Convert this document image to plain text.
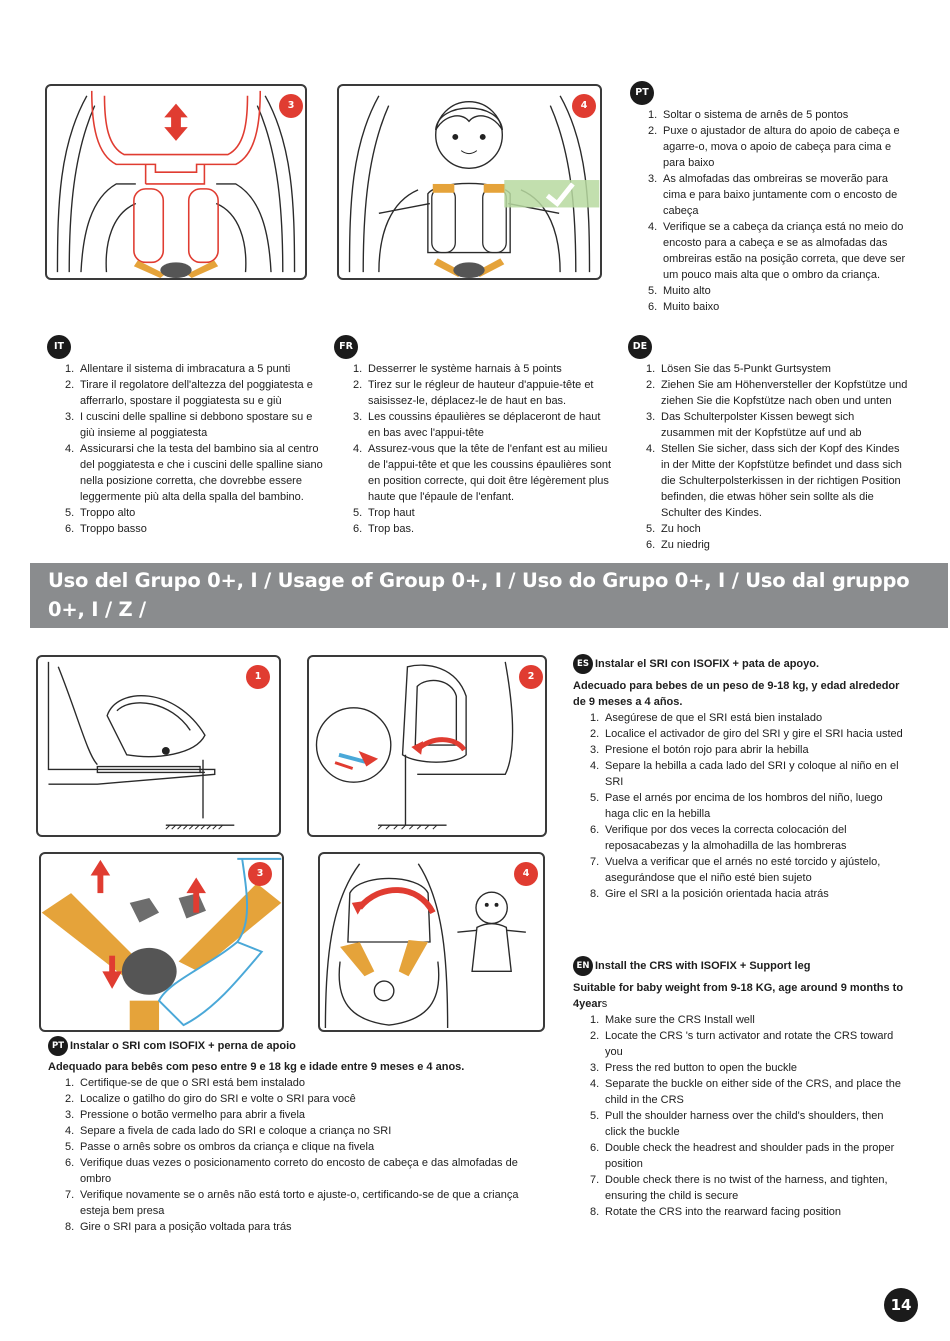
3	4
PT
1. Soltar o sistema de arnês de 5 pontos
2. Puxe o ajustador de altura do apoio de cabeça e agarre-o, mova o apoio de cabeça para cima e para baixo
3. As almofadas das ombreiras se moverão para cima e para baixo juntamente com o encosto de cabeça
4. Verifique se a cabeça da criança está no meio do encosto para a cabeça e se as almofadas das ombreiras estão na posição correta, que deve ser um pouco mais alta que o ombro da criança.
5. Muito alto
6. Muito baixo
IT
1. Allentare il sistema di imbracatura a 5 punti
2. Tirare il regolatore dell'altezza del poggiatesta e afferrarlo, spostare il poggiatesta su e giù
3. I cuscini delle spalline si debbono spostare su e giù insieme al poggiatesta
4. Assicurarsi che la testa del bambino sia al centro del poggiatesta e che i cuscini delle spalline siano nella posizione corretta, che dovrebbe essere leggermente più alta della spalla del bambino.
5. Troppo alto
6. Troppo basso
FR
1. Desserrer le système harnais à 5 points
2. Tirez sur le régleur de hauteur d'appuie-tête et saisissez-le, déplacez-le de haut en bas.
3. Les coussins épaulières se déplaceront de haut en bas avec l'appui-tête
4. Assurez-vous que la tête de l'enfant est au milieu de l'appui-tête et que les coussins épaulières sont en position correcte, qui doit être légèrement plus haute que l'épaule de l'enfant.
5. Trop haut
6. Trop bas.
DE
1. Lösen Sie das 5-Punkt Gurtsystem
2. Ziehen Sie am Höhenversteller der Kopfstütze und ziehen Sie die Kopfstütze nach oben und unten
3. Das Schulterpolster Kissen bewegt sich zusammen mit der Kopfstütze auf und ab
4. Stellen Sie sicher, dass sich der Kopf des Kindes in der Mitte der Kopfstütze befindet und dass sich die Schulterpolsterkissen in der richtigen Position befinden, die etwas höher sein sollte als die Schulter des Kindes.
5. Zu hoch
6. Zu niedrig
Uso del Grupo 0+, I / Usage of Group 0+, I / Uso do Grupo 0+, I / Uso dal gruppo 0+, I / Z /
Utilisation du Groupe 0+I / Verwendung von Gruppe 0+, I
1	2
3	4
ES Instalar el SRI con ISOFIX + pata de apoyo.
Adecuado para bebes de un peso de 9-18 kg, y edad alrededor de 9 meses a 4 años.
1. Asegúrese de que el SRI está bien instalado
2. Localice el activador de giro del SRI y gire el SRI hacia usted
3. Presione el botón rojo para abrir la hebilla
4. Separe la hebilla a cada lado del SRI y coloque al niño en el SRI
5. Pase el arnés por encima de los hombros del niño, luego haga clic en la hebilla
6. Verifique por dos veces la correcta colocación del reposacabezas y la almohadilla de las hombreras
7. Vuelva a verificar que el arnés no esté torcido y ajústelo, asegurándose que el niño esté bien sujeto
8. Gire el SRI a la posición orientada hacia atrás
EN Install the CRS with ISOFIX + Support leg
Suitable for baby weight from 9-18 KG, age around 9 months to 4years
1. Make sure the CRS Install well
2. Locate the CRS 's turn activator and rotate the CRS toward you
3. Press the red button to open the buckle
4. Separate the buckle on either side of the CRS, and place the child in the CRS
5. Pull the shoulder harness over the child's shoulders, then click the buckle
6. Double check the headrest and shoulder pads in the proper position
7. Double check there is no twist of the harness, and tighten, ensuring the child is secure
8. Rotate the CRS into the rearward facing position
PT Instalar o SRI com ISOFIX + perna de apoio
Adequado para bebês com peso entre 9 e 18 kg e idade entre 9 meses e 4 anos.
1. Certifique-se de que o SRI está bem instalado
2. Localize o gatilho do giro do SRI e volte o SRI para você
3. Pressione o botão vermelho para abrir a fivela
4. Separe a fivela de cada lado do SRI e coloque a criança no SRI
5. Passe o arnês sobre os ombros da criança e clique na fivela
6. Verifique duas vezes o posicionamento correto do encosto de cabeça e das almofadas de ombro
7. Verifique novamente se o arnês não está torto e ajuste-o, certificando-se de que a criança esteja bem presa
8. Gire o SRI para a posição voltada para trás
14
